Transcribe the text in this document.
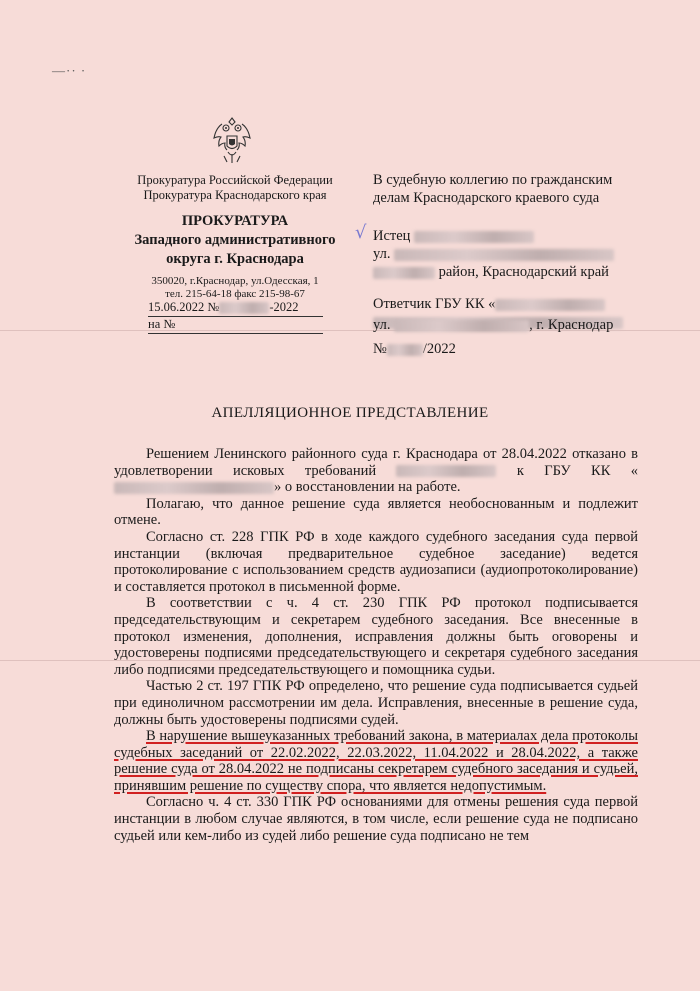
—·· ·
Прокуратура Российской Федерации
Прокуратура Краснодарского края
ПРОКУРАТУРА
Западного административного
округа г. Краснодара
350020, г.Краснодар, ул.Одесская, 1
тел. 215-64-18 факс 215-98-67
15.06.2022 №	-2022
на №
В судебную коллегию по гражданским
делам Краснодарского краевого суда
√ Истец
ул.
район, Краснодарский край
Ответчик ГБУ КК «
ул.	, г. Краснодар
№ /2022
АПЕЛЛЯЦИОННОЕ ПРЕДСТАВЛЕНИЕ

Решением Ленинского районного суда г. Краснодара от 28.04.2022 отказано в удовлетворении исковых требований	к ГБУ КК «» о восстановлении на работе.

Полагаю, что данное решение суда является необоснованным и подлежит отмене.

Согласно ст. 228 ГПК РФ в ходе каждого судебного заседания суда первой инстанции (включая предварительное судебное заседание) ведется протоколирование с использованием средств аудиозаписи (аудиопротоколирование) и составляется протокол в письменной форме.

В соответствии с ч. 4 ст. 230 ГПК РФ протокол подписывается председательствующим и секретарем судебного заседания. Все внесенные в протокол изменения, дополнения, исправления должны быть оговорены и удостоверены подписями председательствующего и секретаря судебного заседания либо подписями председательствующего и помощника судьи.

Частью 2 ст. 197 ГПК РФ определено, что решение суда подписывается судьей при единоличном рассмотрении им дела. Исправления, внесенные в решение суда, должны быть удостоверены подписями судей.

В нарушение вышеуказанных требований закона, в материалах дела протоколы судебных заседаний от 22.02.2022, 22.03.2022, 11.04.2022 и 28.04.2022, а также решение суда от 28.04.2022 не подписаны секретарем судебного заседания и судьей, принявшим решение по существу спора, что является недопустимым.

Согласно ч. 4 ст. 330 ГПК РФ основаниями для отмены решения суда первой инстанции в любом случае являются, в том числе, если решение суда не подписано судьей или кем-либо из судей либо решение суда подписано не тем
